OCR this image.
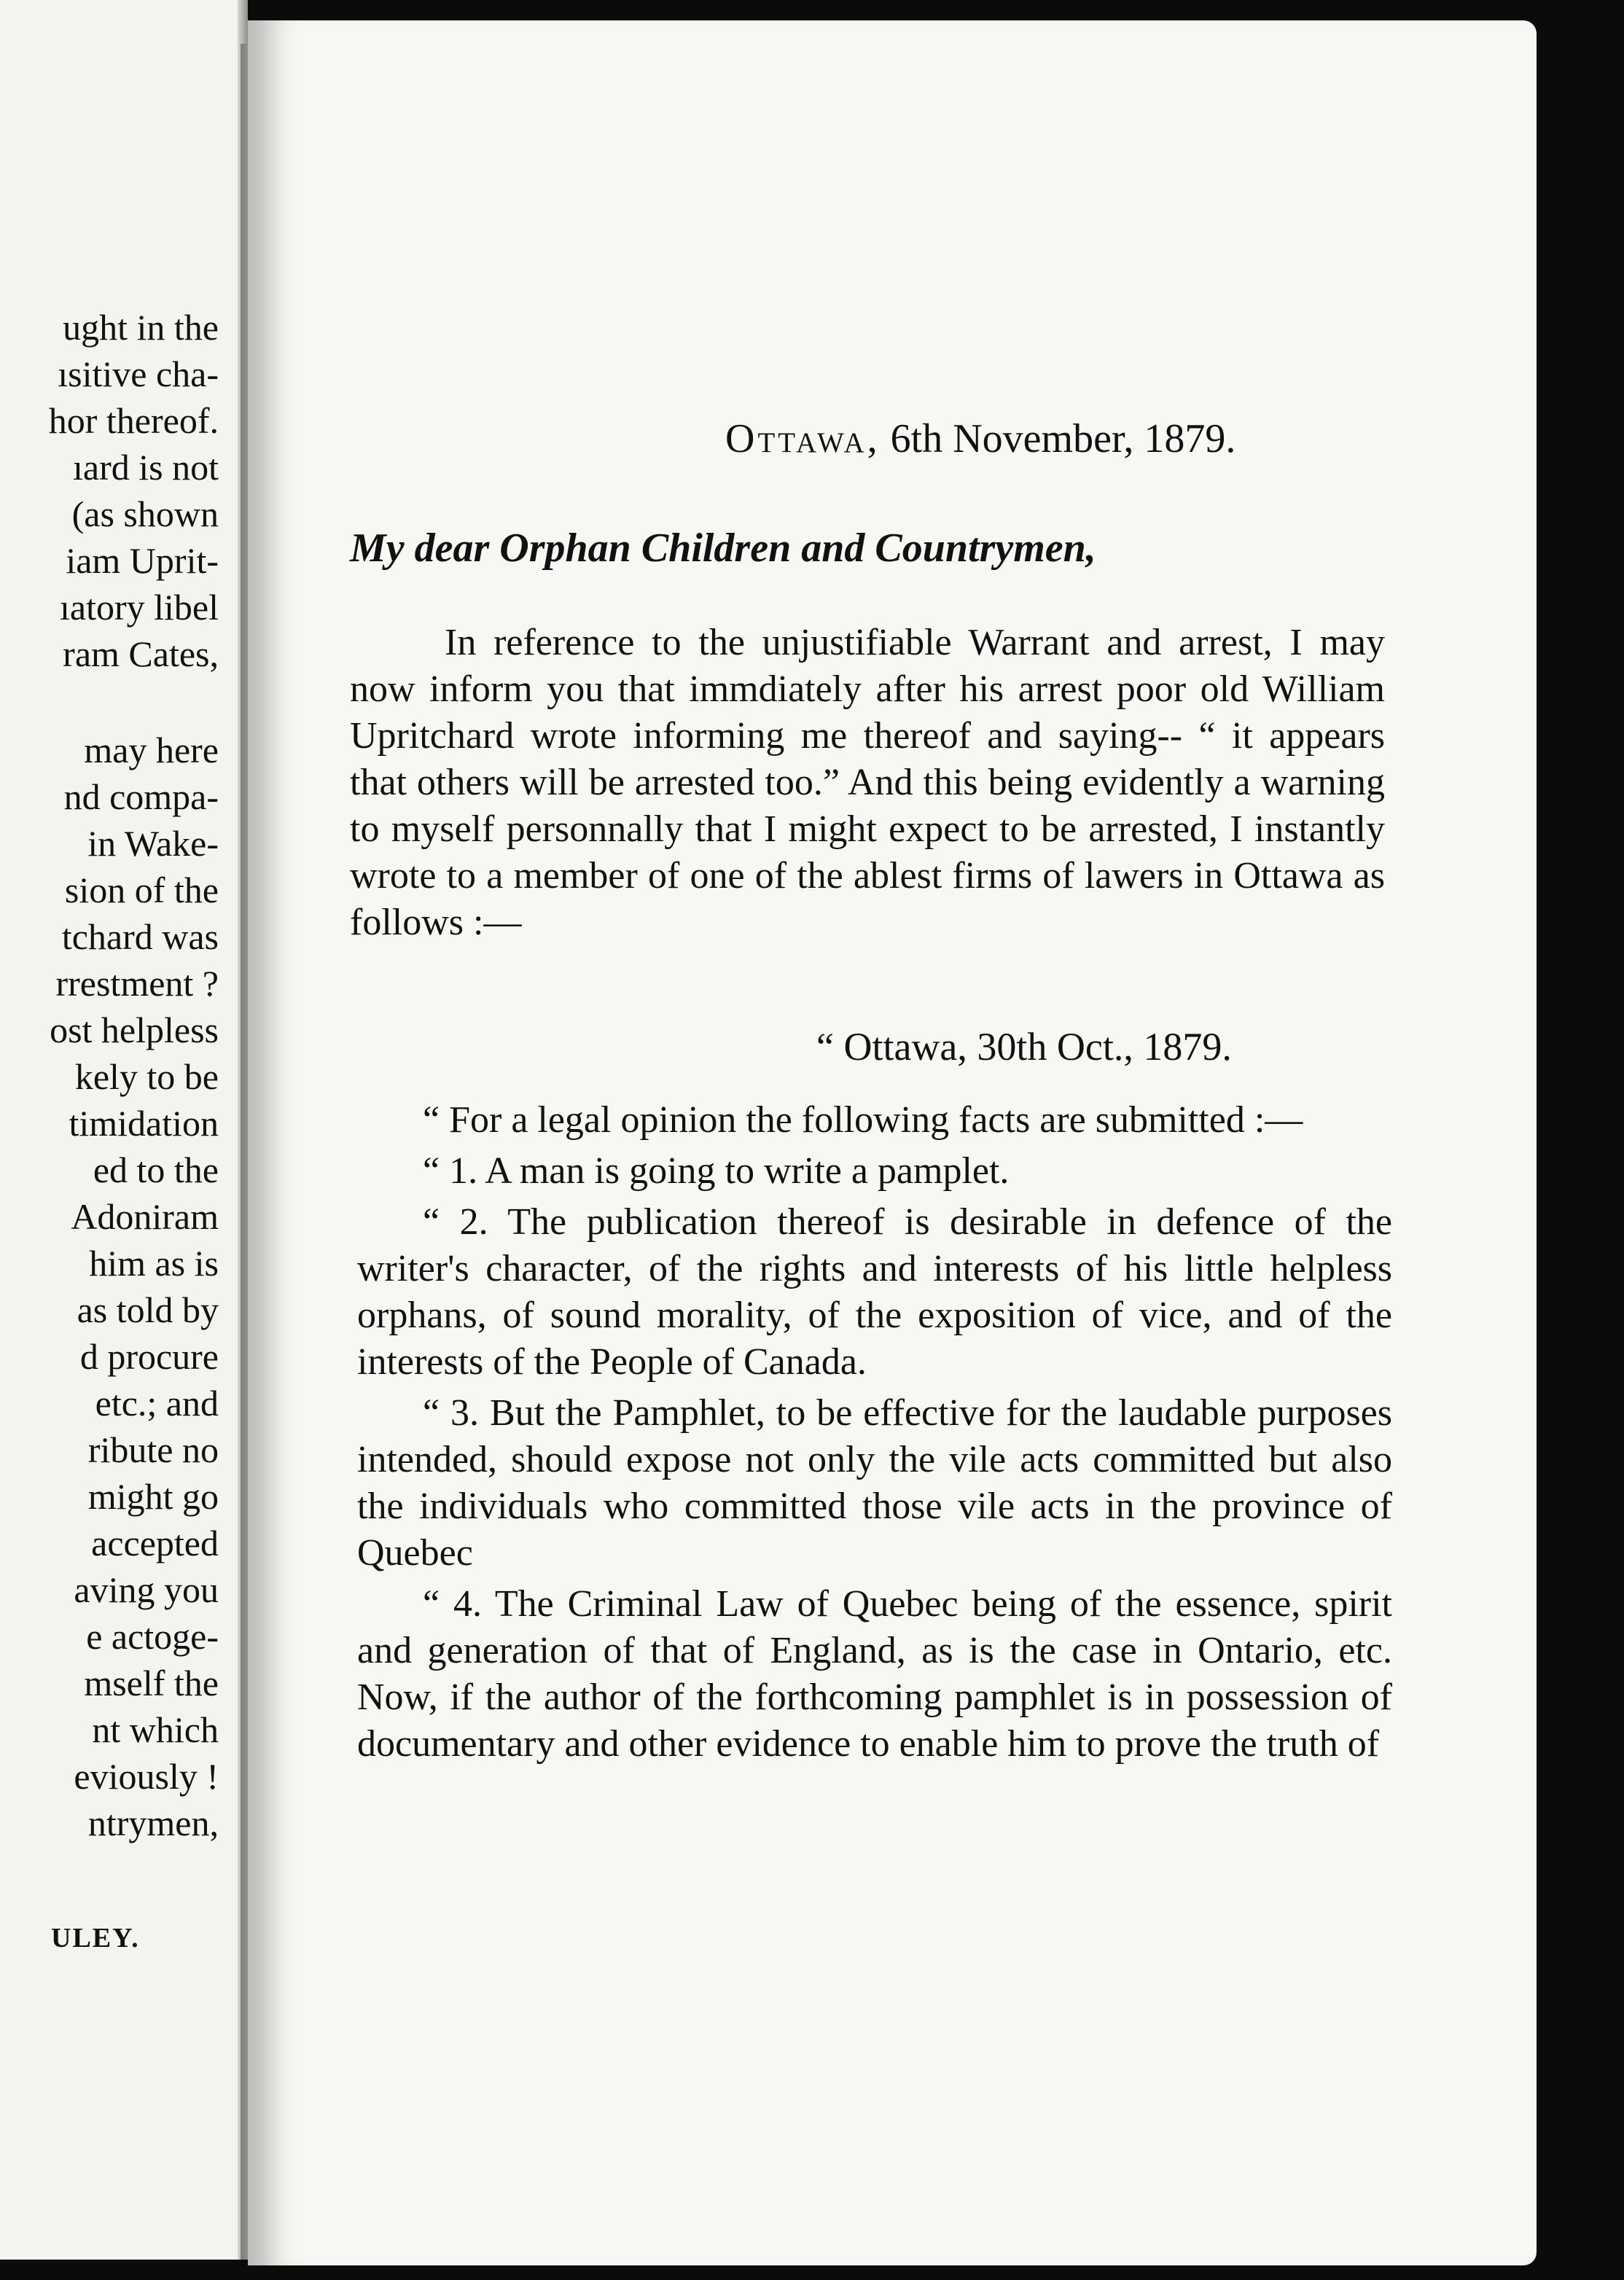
ught in the
ısitive cha-
hor thereof.
ıard is not
(as shown
iam Uprit-
ıatory libel
ram Cates,
may here
nd compa-
in Wake-
sion of the
tchard was
rrestment ?
ost helpless
kely to be
timidation
ed to the
Adoniram
him as is
as told by
d procure
etc.; and
ribute no
might go
accepted
aving you
e actoge-
mself the
nt which
eviously !
ntrymen,
ULEY.
Ottawa, 6th November, 1879.
My dear Orphan Children and Countrymen,

In reference to the unjustifiable Warrant and arrest, I may now inform you that immdiately after his arrest poor old William Upritchard wrote informing me thereof and saying-- “ it appears that others will be arrested too.” And this being evidently a warning to myself personnally that I might expect to be arrested, I instantly wrote to a member of one of the ablest firms of lawers in Ottawa as follows :—

“ Ottawa, 30th Oct., 1879.

“ For a legal opinion the following facts are submitted :—

“ 1. A man is going to write a pamplet.

“ 2. The publication thereof is desirable in defence of the writer's character, of the rights and interests of his little helpless orphans, of sound morality, of the exposition of vice, and of the interests of the People of Canada.

“ 3. But the Pamphlet, to be effective for the laudable purposes intended, should expose not only the vile acts committed but also the individuals who committed those vile acts in the province of Quebec

“ 4. The Criminal Law of Quebec being of the essence, spirit and generation of that of England, as is the case in Ontario, etc. Now, if the author of the forthcoming pamphlet is in possession of documentary and other evidence to enable him to prove the truth of
